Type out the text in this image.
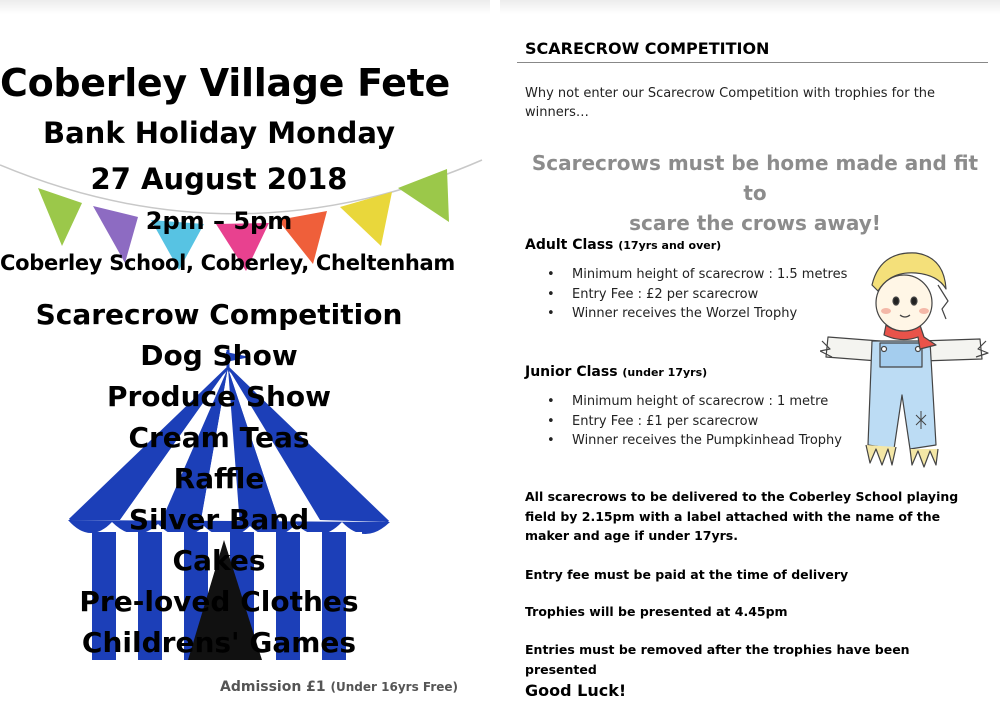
Coberley Village Fete
Bank Holiday Monday
27 August 2018
2pm – 5pm
Coberley School, Coberley, Cheltenham
Scarecrow Competition
Dog Show
Produce Show
Cream Teas
Raffle
Silver Band
Cakes
Pre-loved Clothes
Childrens' Games
Admission £1 (Under 16yrs Free)
SCARECROW COMPETITION
Why not enter our Scarecrow Competition with trophies for the winners…
Scarecrows must be home made and fit to
scare the crows away!
Adult Class (17yrs and over)
• Minimum height of scarecrow : 1.5 metres
• Entry Fee : £2 per scarecrow
• Winner receives the Worzel Trophy
Junior Class (under 17yrs)
• Minimum height of scarecrow : 1 metre
• Entry Fee : £1 per scarecrow
• Winner receives the Pumpkinhead Trophy
All scarecrows to be delivered to the Coberley School playing field by 2.15pm with a label attached with the name of the maker and age if under 17yrs.
Entry fee must be paid at the time of delivery
Trophies will be presented at 4.45pm
Entries must be removed after the trophies have been presented
Good Luck!
